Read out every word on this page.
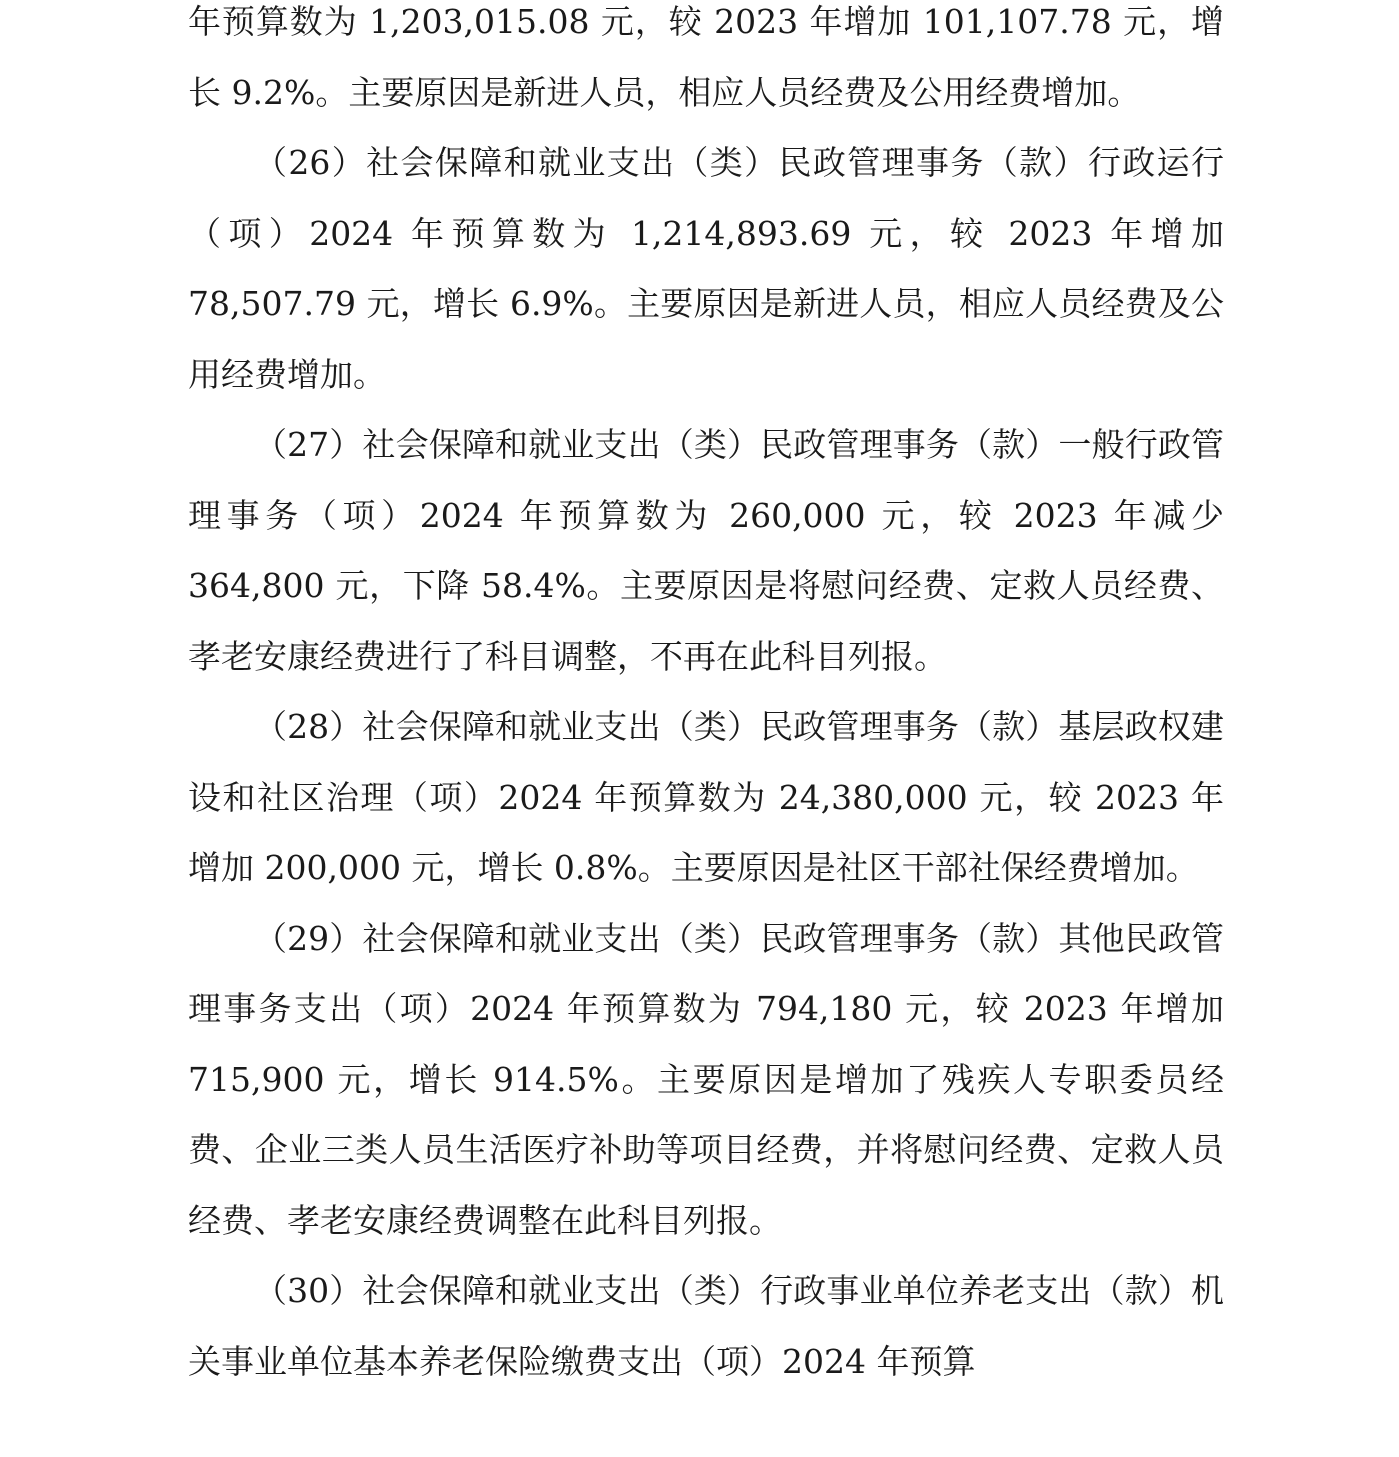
年预算数为 1,203,015.08 元，较 2023 年增加 101,107.78 元，增长 9.2%。主要原因是新进人员，相应人员经费及公用经费增加。

（26）社会保障和就业支出（类）民政管理事务（款）行政运行（项）2024 年预算数为 1,214,893.69 元，较 2023 年增加 78,507.79 元，增长 6.9%。主要原因是新进人员，相应人员经费及公用经费增加。

（27）社会保障和就业支出（类）民政管理事务（款）一般行政管理事务（项）2024 年预算数为 260,000 元，较 2023 年减少 364,800 元，下降 58.4%。主要原因是将慰问经费、定救人员经费、孝老安康经费进行了科目调整，不再在此科目列报。

（28）社会保障和就业支出（类）民政管理事务（款）基层政权建设和社区治理（项）2024 年预算数为 24,380,000 元，较 2023 年增加 200,000 元，增长 0.8%。主要原因是社区干部社保经费增加。

（29）社会保障和就业支出（类）民政管理事务（款）其他民政管理事务支出（项）2024 年预算数为 794,180 元，较 2023 年增加 715,900 元，增长 914.5%。主要原因是增加了残疾人专职委员经费、企业三类人员生活医疗补助等项目经费，并将慰问经费、定救人员经费、孝老安康经费调整在此科目列报。

（30）社会保障和就业支出（类）行政事业单位养老支出（款）机关事业单位基本养老保险缴费支出（项）2024 年预算
